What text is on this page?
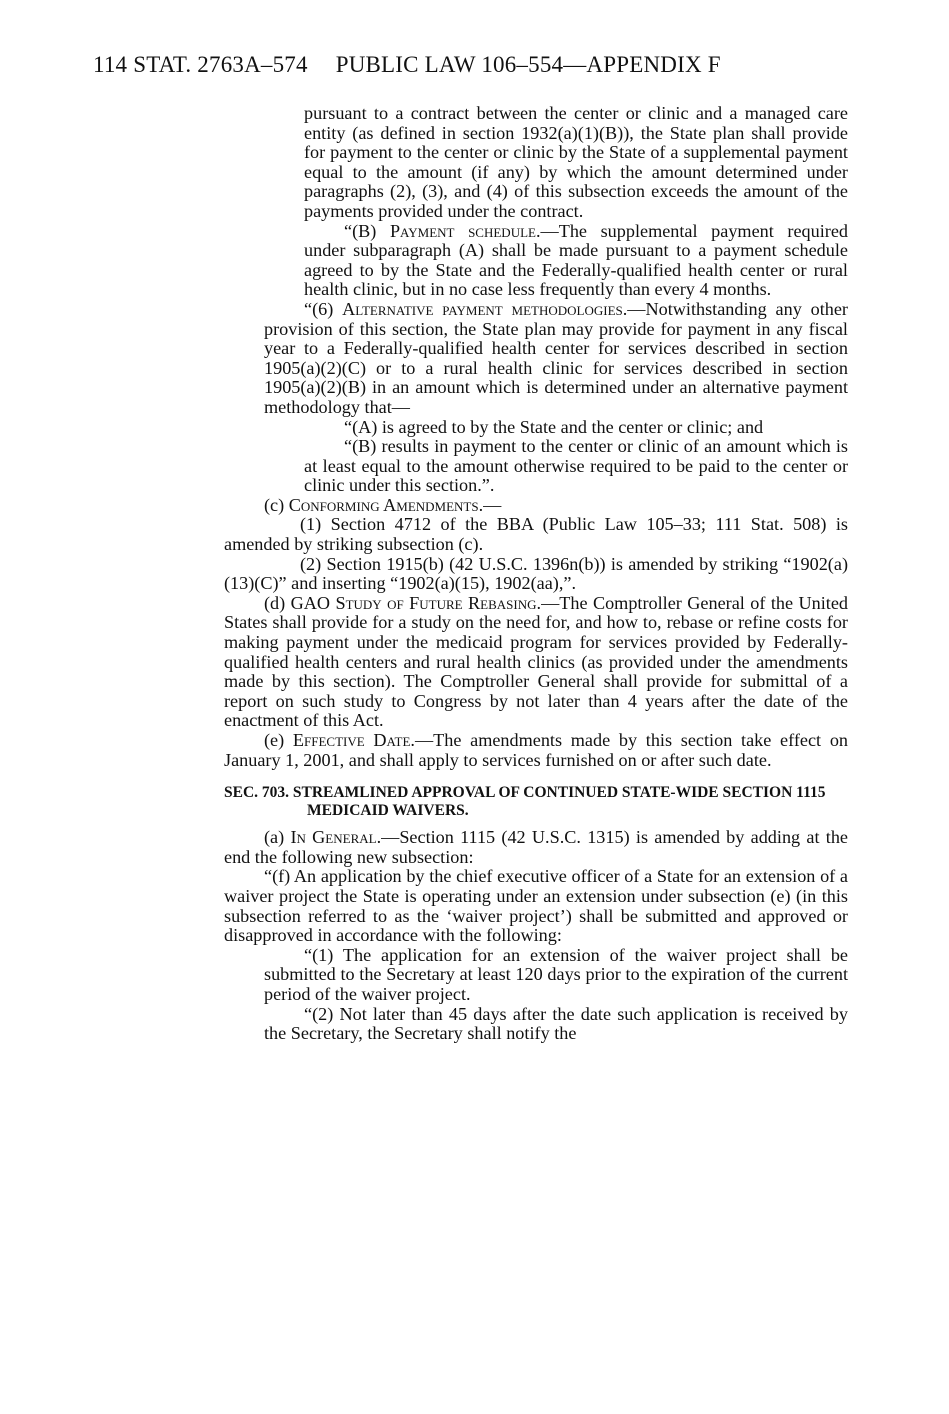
114 STAT. 2763A–574 PUBLIC LAW 106–554—APPENDIX F

pursuant to a contract between the center or clinic and a managed care entity (as defined in section 1932(a)(1)(B)), the State plan shall provide for payment to the center or clinic by the State of a supplemental payment equal to the amount (if any) by which the amount determined under paragraphs (2), (3), and (4) of this subsection exceeds the amount of the payments provided under the contract.

“(B) Payment schedule.—The supplemental payment required under subparagraph (A) shall be made pursuant to a payment schedule agreed to by the State and the Federally-qualified health center or rural health clinic, but in no case less frequently than every 4 months.

“(6) Alternative payment methodologies.—Notwithstanding any other provision of this section, the State plan may provide for payment in any fiscal year to a Federally-qualified health center for services described in section 1905(a)(2)(C) or to a rural health clinic for services described in section 1905(a)(2)(B) in an amount which is determined under an alternative payment methodology that—

“(A) is agreed to by the State and the center or clinic; and

“(B) results in payment to the center or clinic of an amount which is at least equal to the amount otherwise required to be paid to the center or clinic under this section.”.

(c) Conforming Amendments.—

(1) Section 4712 of the BBA (Public Law 105–33; 111 Stat. 508) is amended by striking subsection (c).

(2) Section 1915(b) (42 U.S.C. 1396n(b)) is amended by striking “1902(a)(13)(C)” and inserting “1902(a)(15), 1902(aa),”.

(d) GAO Study of Future Rebasing.—The Comptroller General of the United States shall provide for a study on the need for, and how to, rebase or refine costs for making payment under the medicaid program for services provided by Federally-qualified health centers and rural health clinics (as provided under the amendments made by this section). The Comptroller General shall provide for submittal of a report on such study to Congress by not later than 4 years after the date of the enactment of this Act.

(e) Effective Date.—The amendments made by this section take effect on January 1, 2001, and shall apply to services furnished on or after such date.

SEC. 703. STREAMLINED APPROVAL OF CONTINUED STATE-WIDE SECTION 1115 MEDICAID WAIVERS.

(a) In General.—Section 1115 (42 U.S.C. 1315) is amended by adding at the end the following new subsection:

“(f) An application by the chief executive officer of a State for an extension of a waiver project the State is operating under an extension under subsection (e) (in this subsection referred to as the ‘waiver project’) shall be submitted and approved or disapproved in accordance with the following:

“(1) The application for an extension of the waiver project shall be submitted to the Secretary at least 120 days prior to the expiration of the current period of the waiver project.

“(2) Not later than 45 days after the date such application is received by the Secretary, the Secretary shall notify the
